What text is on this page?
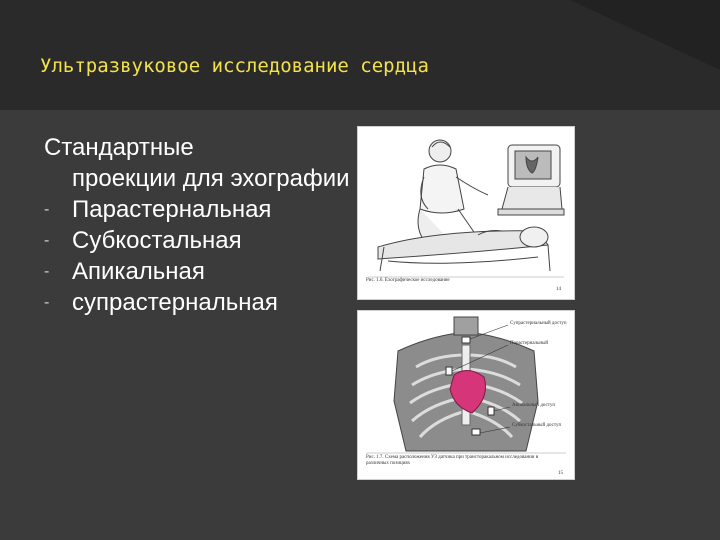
Ультразвуковое исследование сердца

Стандартные
проекции для эхографии

- Парастернальная
- Субкостальная
- Апикальная
- супрастернальная
Рис. 1.6. Ехографическое исследование
14
Супрастернальный доступ
Парастернальный
Апикальный доступ
Субкостальный доступ
Рис. 1.7. Схема расположения УЗ датчика при трансторакальном исследовании в различных позициях
15
